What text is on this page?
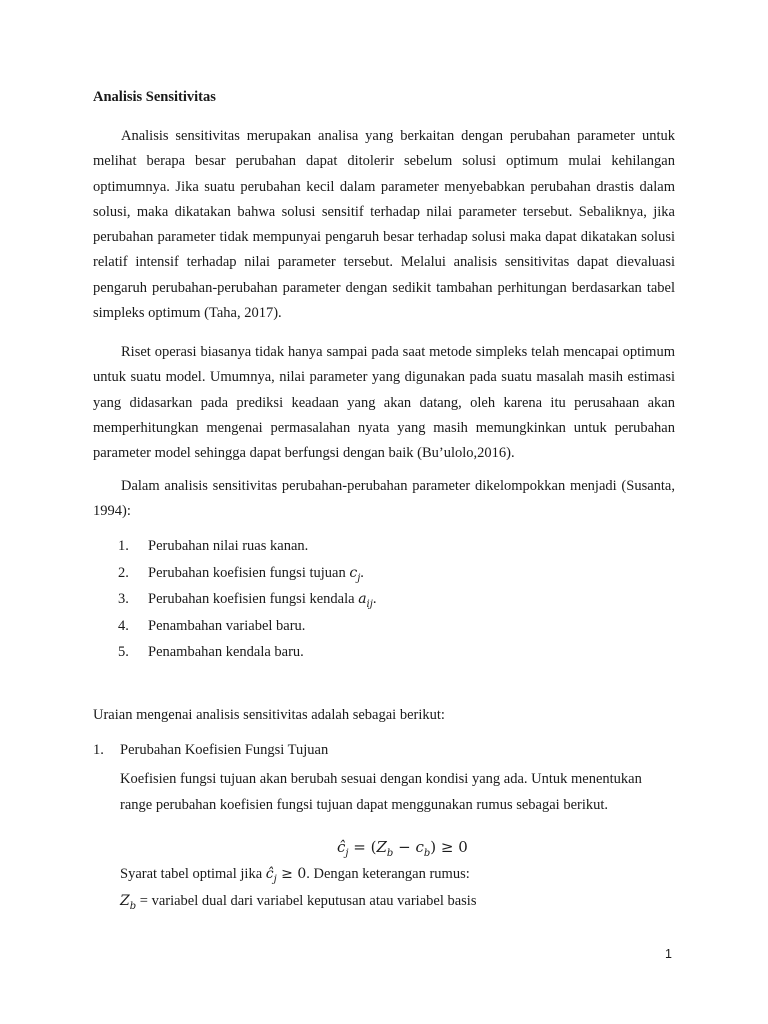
Analisis Sensitivitas

Analisis sensitivitas merupakan analisa yang berkaitan dengan perubahan parameter untuk melihat berapa besar perubahan dapat ditolerir sebelum solusi optimum mulai kehilangan optimumnya. Jika suatu perubahan kecil dalam parameter menyebabkan perubahan drastis dalam solusi, maka dikatakan bahwa solusi sensitif terhadap nilai parameter tersebut. Sebaliknya, jika perubahan parameter tidak mempunyai pengaruh besar terhadap solusi maka dapat dikatakan solusi relatif intensif terhadap nilai parameter tersebut. Melalui analisis sensitivitas dapat dievaluasi pengaruh perubahan-perubahan parameter dengan sedikit tambahan perhitungan berdasarkan tabel simpleks optimum (Taha, 2017).

Riset operasi biasanya tidak hanya sampai pada saat metode simpleks telah mencapai optimum untuk suatu model. Umumnya, nilai parameter yang digunakan pada suatu masalah masih estimasi yang didasarkan pada prediksi keadaan yang akan datang, oleh karena itu perusahaan akan memperhitungkan mengenai permasalahan nyata yang masih memungkinkan untuk perubahan parameter model sehingga dapat berfungsi dengan baik (Bu’ulolo,2016).

Dalam analisis sensitivitas perubahan-perubahan parameter dikelompokkan menjadi (Susanta, 1994):

1. Perubahan nilai ruas kanan.
2. Perubahan koefisien fungsi tujuan $c_j$.
3. Perubahan koefisien fungsi kendala $a_{ij}$.
4. Penambahan variabel baru.
5. Penambahan kendala baru.

Uraian mengenai analisis sensitivitas adalah sebagai berikut:

1. Perubahan Koefisien Fungsi Tujuan

Koefisien fungsi tujuan akan berubah sesuai dengan kondisi yang ada. Untuk menentukan range perubahan koefisien fungsi tujuan dapat menggunakan rumus sebagai berikut.

$ĉ_j = (Z_b - c_b) \ge 0$

Syarat tabel optimal jika $ĉ_j \ge 0$. Dengan keterangan rumus:

$Z_b$ = variabel dual dari variabel keputusan atau variabel basis

1
